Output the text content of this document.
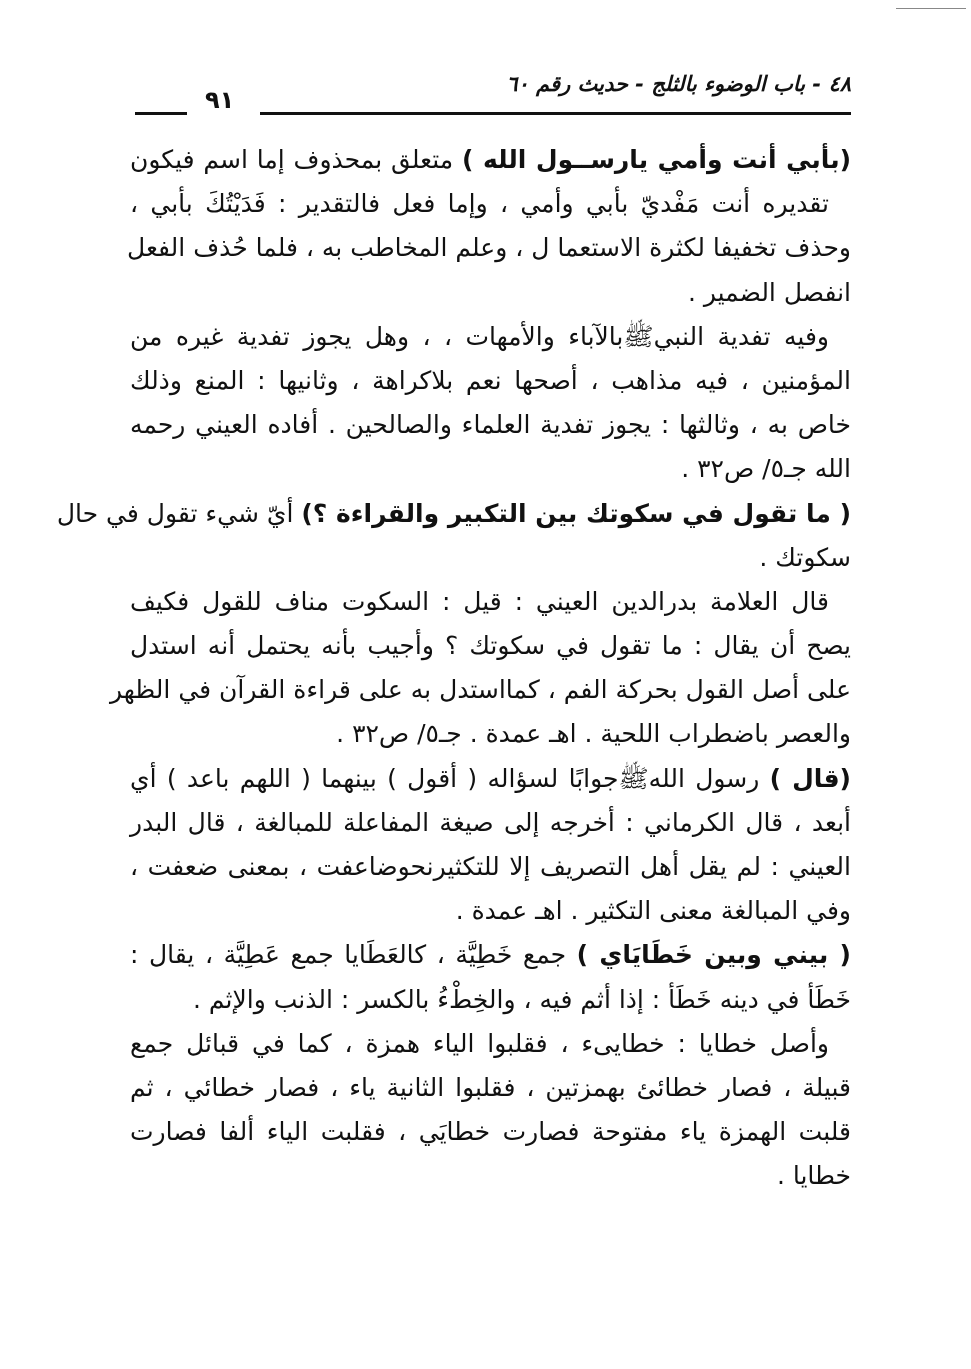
٤٨ - باب الوضوء بالثلج - حديث رقم ٦٠
٩١
(بأبي أنت وأمي يارســول الله ) متعلق بمحذوف إما اسم فيكون
تقديره أنت مَفْديّ بأبي وأمي ، وإما فعل فالتقدير : فَدَيْتُكَ بأبي ،
وحذف تخفيفا لكثرة الاستعما ل ، وعلم المخاطب به ، فلما حُذف الفعل
انفصل الضمير .
وفيه تفدية النبيﷺبالآباء والأمهات ، ، وهل يجوز تفدية غيره من
المؤمنين ، فيه مذاهب ، أصحها نعم بلاكراهة ، وثانيها : المنع وذلك
خاص به ، وثالثها : يجوز تفدية العلماء والصالحين . أفاده العيني رحمه
الله جـ٥/ ص٣٢ .
( ما تقول في سكوتك بين التكبير والقراءة ؟) أيّ شيء تقول في حال
سكوتك .
قال العلامة بدرالدين العيني : قيل : السكوت مناف للقول فكيف
يصح أن يقال : ما تقول في سكوتك ؟ وأجيب بأنه يحتمل أنه استدل
على أصل القول بحركة الفم ، كمااستدل به على قراءة القرآن في الظهر
والعصر باضطراب اللحية . اهـ عمدة . جـ٥/ ص٣٢ .
(قال ) رسول اللهﷺجوابًا لسؤاله ( أقول ) بينهما ( اللهم باعد ) أي
أبعد ، قال الكرماني : أخرجه إلى صيغة المفاعلة للمبالغة ، قال البدر
العيني : لم يقل أهل التصريف إلا للتكثيرنحوضاعفت ، بمعنى ضعفت ،
وفي المبالغة معنى التكثير . اهـ عمدة .
( بيني وبين خَطَايَاي ) جمع خَطِيَّة ، كالعَطَايا جمع عَطِيَّة ، يقال :
خَطَأ في دينه خَطَأ : إذا أثم فيه ، والخِطْءُ بالكسر : الذنب والإثم .
وأصل خطايا : خطايىء ، فقلبوا الياء همزة ، كما في قبائل جمع
قبيلة ، فصار خطائئ بهمزتين ، فقلبوا الثانية ياء ، فصار خطائي ، ثم
قلبت الهمزة ياء مفتوحة فصارت خطايَي ، فقلبت الياء ألفا فصارت
خطايا .
